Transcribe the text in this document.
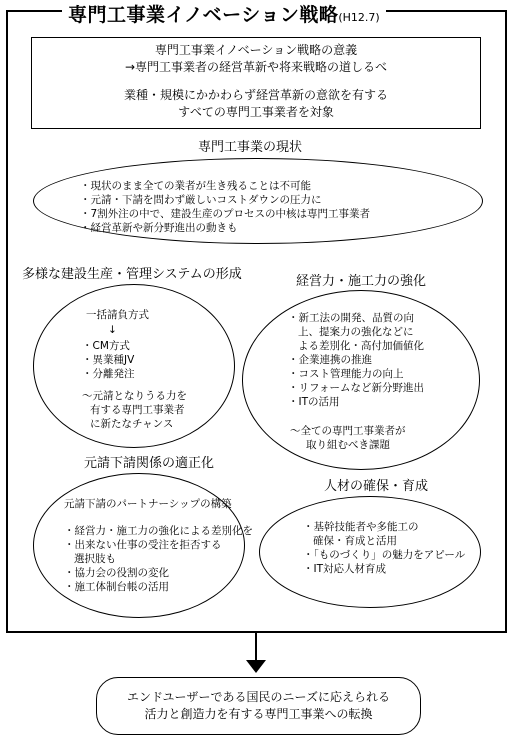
専門工事業イノベーション戦略(H12.7)
専門工事業イノベーション戦略の意義
→専門工事業者の経営革新や将来戦略の道しるべ
業種・規模にかかわらず経営革新の意欲を有する
すべての専門工事業者を対象
専門工事業の現状
・現状のまま全ての業者が生き残ることは不可能
・元請・下請を問わず厳しいコストダウンの圧力に
・7割外注の中で、建設生産のプロセスの中核は専門工事業者
・経営革新や新分野進出の動きも
多様な建設生産・管理システムの形成
一括請負方式
↓
・CM方式
・異業種JV
・分離発注
〜元請となりうる力を
有する専門工事業者
に新たなチャンス
経営力・施工力の強化
・新工法の開発、品質の向
上、提案力の強化などに
よる差別化・高付加価値化
・企業連携の推進
・コスト管理能力の向上
・リフォームなど新分野進出
・ITの活用
〜全ての専門工事業者が
取り組むべき課題
元請下請関係の適正化
元請下請のパートナーシップの構築
・経営力・施工力の強化による差別化を
・出来ない仕事の受注を拒否する
選択肢も
・協力会の役割の変化
・施工体制台帳の活用
人材の確保・育成
・基幹技能者や多能工の
確保・育成と活用
・「ものづくり」の魅力をアピール
・IT対応人材育成
エンドユーザーである国民のニーズに応えられる
活力と創造力を有する専門工事業への転換
